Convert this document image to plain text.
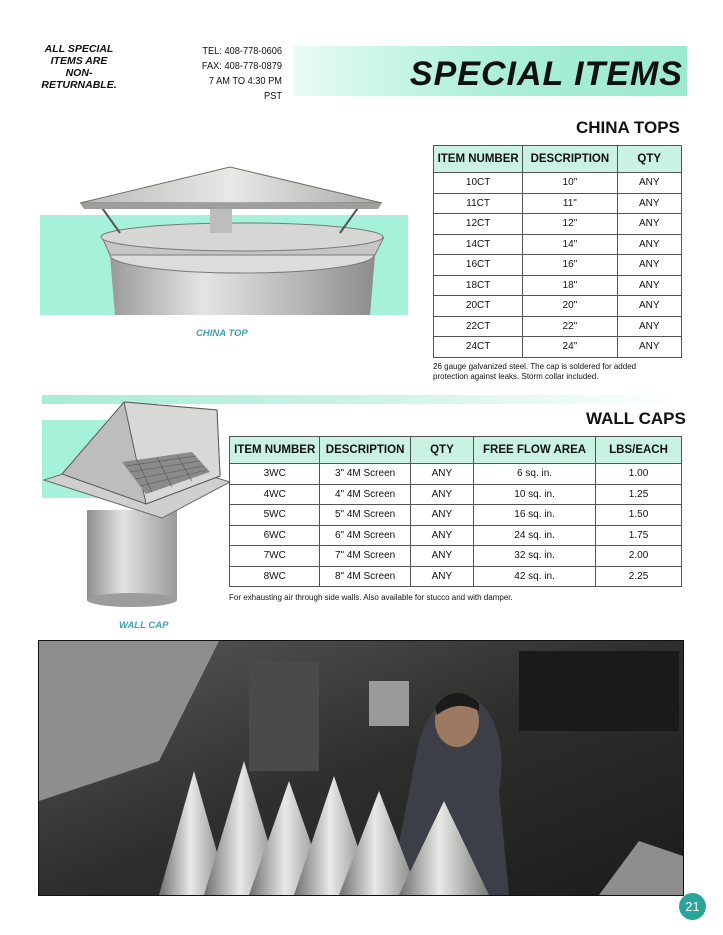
ALL SPECIAL
ITEMS ARE
NON-RETURNABLE.
TEL: 408-778-0606
FAX: 408-778-0879
7 AM TO 4:30 PM PST
SPECIAL ITEMS
CHINA TOPS
CHINA TOP
ITEM NUMBER	DESCRIPTION	QTY
10CT	10"	ANY
11CT	11"	ANY
12CT	12"	ANY
14CT	14"	ANY
16CT	16"	ANY
18CT	18"	ANY
20CT	20"	ANY
22CT	22"	ANY
24CT	24"	ANY
26 gauge galvanized steel. The cap is soldered for added
protection against leaks. Storm collar included.
WALL CAPS
WALL CAP
ITEM NUMBER	DESCRIPTION	QTY	FREE FLOW AREA	LBS/EACH
3WC	3" 4M Screen	ANY	6 sq. in.	1.00
4WC	4" 4M Screen	ANY	10 sq. in.	1.25
5WC	5" 4M Screen	ANY	16 sq. in.	1.50
6WC	6" 4M Screen	ANY	24 sq. in.	1.75
7WC	7" 4M Screen	ANY	32 sq. in.	2.00
8WC	8" 4M Screen	ANY	42 sq. in.	2.25
For exhausting air through side walls. Also available for stucco and with damper.
21
